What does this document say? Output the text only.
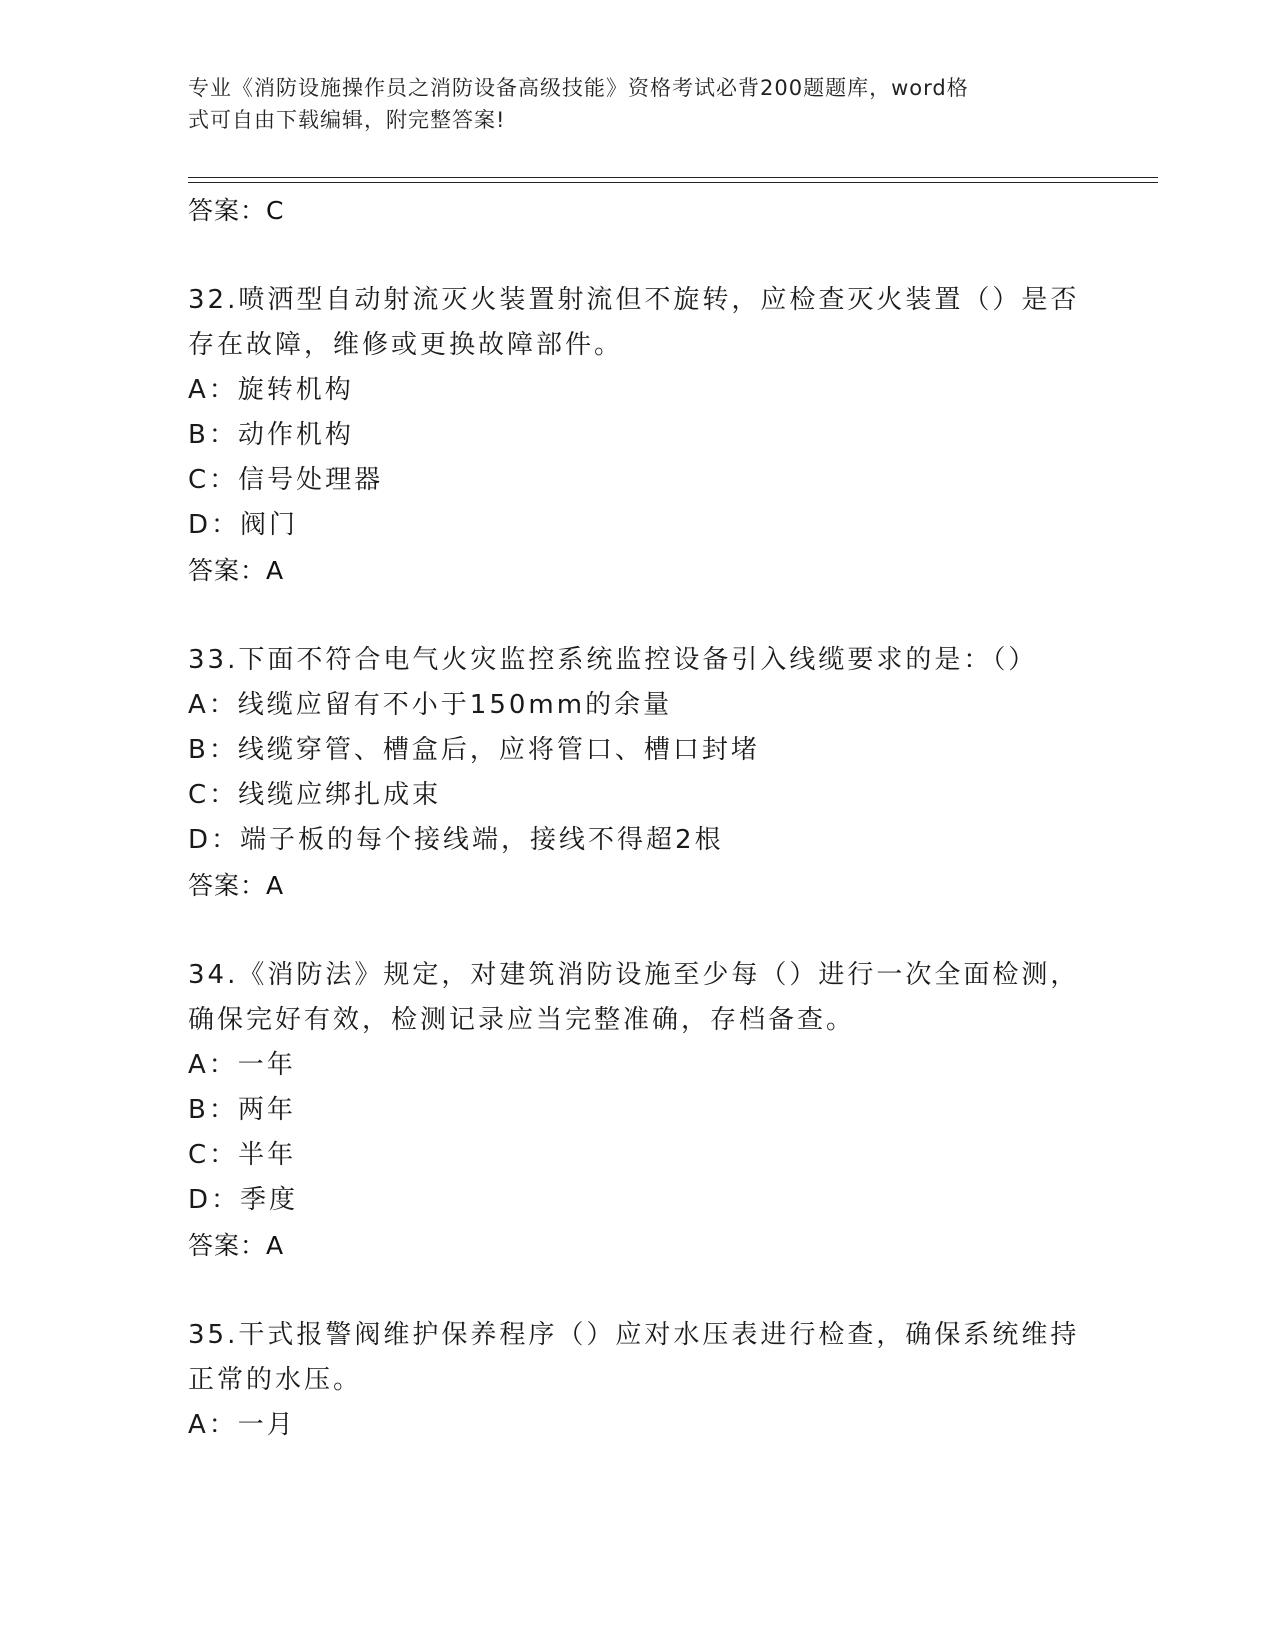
专业《消防设施操作员之消防设备高级技能》资格考试必背200题题库，word格
式可自由下载编辑，附完整答案!
答案：C
32.喷洒型自动射流灭火装置射流但不旋转，应检查灭火装置（）是否存在故障，维修或更换故障部件。
A：旋转机构
B：动作机构
C：信号处理器
D：阀门
答案：A
33.下面不符合电气火灾监控系统监控设备引入线缆要求的是：（）
A：线缆应留有不小于150mm的余量
B：线缆穿管、槽盒后，应将管口、槽口封堵
C：线缆应绑扎成束
D：端子板的每个接线端，接线不得超2根
答案：A
34.《消防法》规定，对建筑消防设施至少每（）进行一次全面检测，确保完好有效，检测记录应当完整准确，存档备查。
A：一年
B：两年
C：半年
D：季度
答案：A
35.干式报警阀维护保养程序（）应对水压表进行检查，确保系统维持正常的水压。
A：一月
